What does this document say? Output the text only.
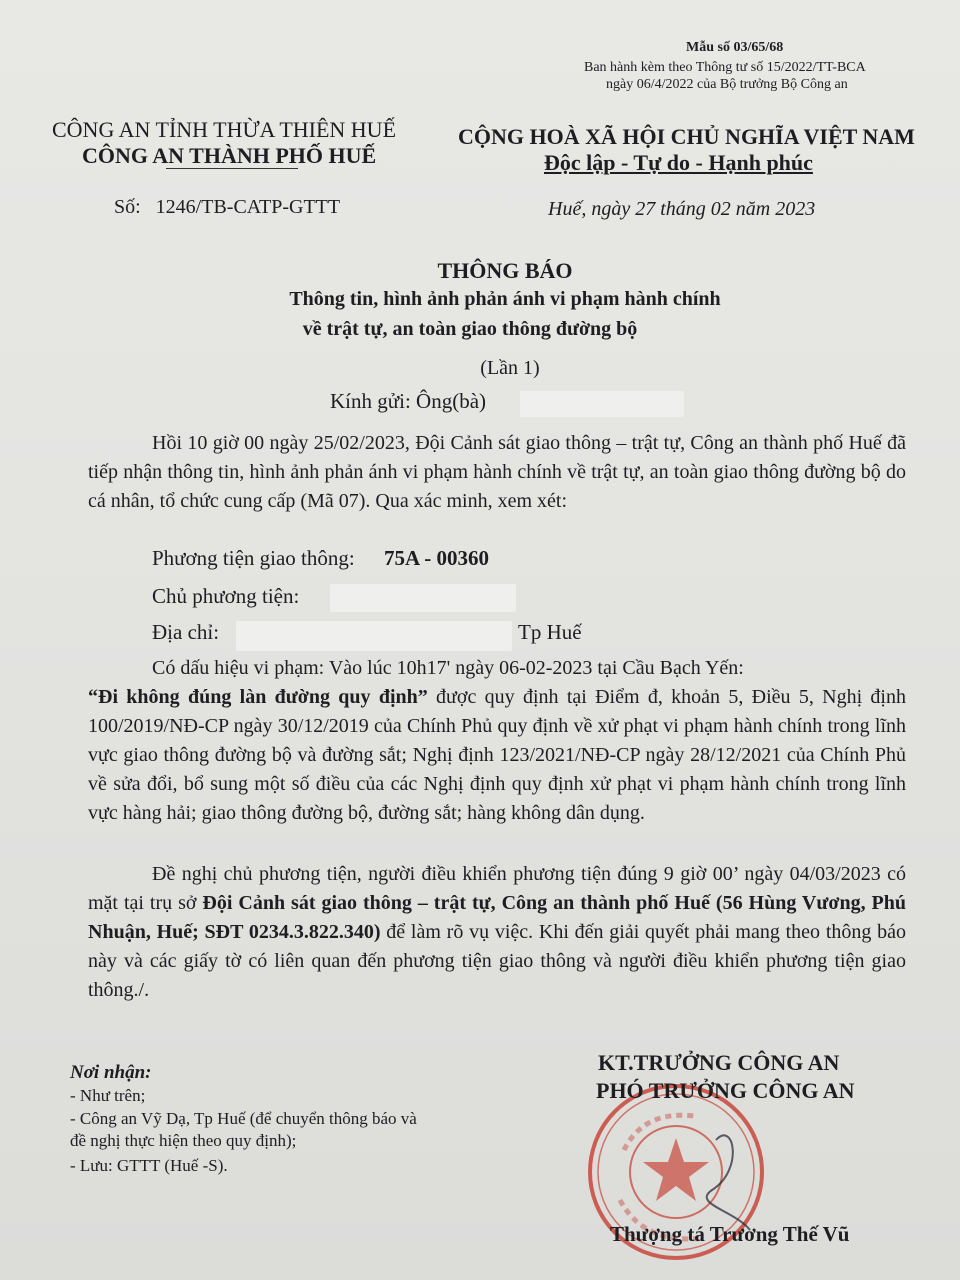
Mẫu số 03/65/68
Ban hành kèm theo Thông tư số 15/2022/TT-BCA
ngày 06/4/2022 của Bộ trưởng Bộ Công an
CÔNG AN TỈNH THỪA THIÊN HUẾ
CÔNG AN THÀNH PHỐ HUẾ
CỘNG HOÀ XÃ HỘI CHỦ NGHĨA VIỆT NAM
Độc lập - Tự do - Hạnh phúc
Số:   1246/TB-CATP-GTTT	Huế, ngày 27 tháng 02 năm 2023
THÔNG BÁO
Thông tin, hình ảnh phản ánh vi phạm hành chính
về trật tự, an toàn giao thông đường bộ
(Lần 1)
Kính gửi: Ông(bà)

Hồi 10 giờ 00 ngày 25/02/2023, Đội Cảnh sát giao thông – trật tự, Công an thành phố Huế đã tiếp nhận thông tin, hình ảnh phản ánh vi phạm hành chính về trật tự, an toàn giao thông đường bộ do cá nhân, tổ chức cung cấp (Mã 07). Qua xác minh, xem xét:

Phương tiện giao thông: 75A - 00360
Chủ phương tiện:
Địa chỉ:	Tp Huế

Có dấu hiệu vi phạm: Vào lúc 10h17' ngày 06-02-2023 tại Cầu Bạch Yến:

“Đi không đúng làn đường quy định” được quy định tại Điểm đ, khoản 5, Điều 5, Nghị định 100/2019/NĐ-CP ngày 30/12/2019 của Chính Phủ quy định về xử phạt vi phạm hành chính trong lĩnh vực giao thông đường bộ và đường sắt; Nghị định 123/2021/NĐ-CP ngày 28/12/2021 của Chính Phủ về sửa đổi, bổ sung một số điều của các Nghị định quy định xử phạt vi phạm hành chính trong lĩnh vực hàng hải; giao thông đường bộ, đường sắt; hàng không dân dụng.

Đề nghị chủ phương tiện, người điều khiển phương tiện đúng 9 giờ 00’ ngày 04/03/2023 có mặt tại trụ sở Đội Cảnh sát giao thông – trật tự, Công an thành phố Huế (56 Hùng Vương, Phú Nhuận, Huế; SĐT 0234.3.822.340) để làm rõ vụ việc. Khi đến giải quyết phải mang theo thông báo này và các giấy tờ có liên quan đến phương tiện giao thông và người điều khiển phương tiện giao thông./.

Nơi nhận:
- Như trên;
- Công an Vỹ Dạ, Tp Huế (để chuyển thông báo và
đề nghị thực hiện theo quy định);
- Lưu: GTTT (Huế -S).
KT.TRƯỞNG CÔNG AN
PHÓ TRƯỞNG CÔNG AN
Thượng tá Trương Thế Vũ
